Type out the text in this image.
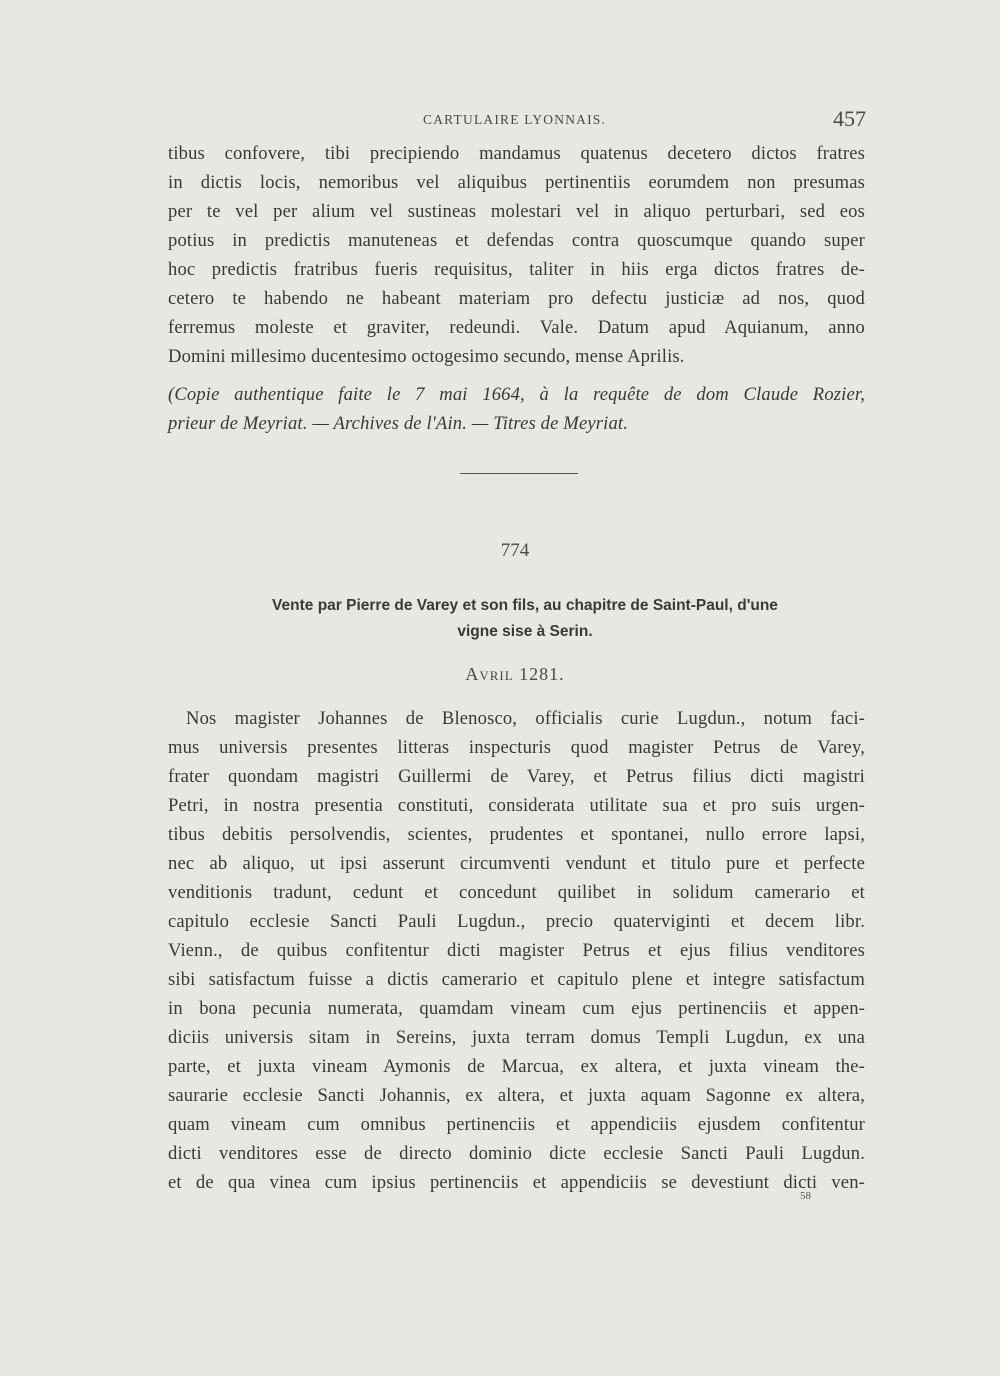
CARTULAIRE LYONNAIS.	457
tibus confovere, tibi precipiendo mandamus quatenus decetero dictos fratres
in dictis locis, nemoribus vel aliquibus pertinentiis eorumdem non presumas
per te vel per alium vel sustineas molestari vel in aliquo perturbari, sed eos
potius in predictis manuteneas et defendas contra quoscumque quando super
hoc predictis fratribus fueris requisitus, taliter in hiis erga dictos fratres de-
cetero te habendo ne habeant materiam pro defectu justiciæ ad nos, quod
ferremus moleste et graviter, redeundi. Vale. Datum apud Aquianum, anno
Domini millesimo ducentesimo octogesimo secundo, mense Aprilis.
(Copie authentique faite le 7 mai 1664, à la requête de dom Claude Rozier,
prieur de Meyriat. — Archives de l'Ain. — Titres de Meyriat.
774
Vente par Pierre de Varey et son fils, au chapitre de Saint-Paul, d'une
vigne sise à Serin.
Avril 1281.
Nos magister Johannes de Blenosco, officialis curie Lugdun., notum faci-
mus universis presentes litteras inspecturis quod magister Petrus de Varey,
frater quondam magistri Guillermi de Varey, et Petrus filius dicti magistri
Petri, in nostra presentia constituti, considerata utilitate sua et pro suis urgen-
tibus debitis persolvendis, scientes, prudentes et spontanei, nullo errore lapsi,
nec ab aliquo, ut ipsi asserunt circumventi vendunt et titulo pure et perfecte
venditionis tradunt, cedunt et concedunt quilibet in solidum camerario et
capitulo ecclesie Sancti Pauli Lugdun., precio quaterviginti et decem libr.
Vienn., de quibus confitentur dicti magister Petrus et ejus filius venditores
sibi satisfactum fuisse a dictis camerario et capitulo plene et integre satisfactum
in bona pecunia numerata, quamdam vineam cum ejus pertinenciis et appen-
diciis universis sitam in Sereins, juxta terram domus Templi Lugdun, ex una
parte, et juxta vineam Aymonis de Marcua, ex altera, et juxta vineam the-
saurarie ecclesie Sancti Johannis, ex altera, et juxta aquam Sagonne ex altera,
quam vineam cum omnibus pertinenciis et appendiciis ejusdem confitentur
dicti venditores esse de directo dominio dicte ecclesie Sancti Pauli Lugdun.
et de qua vinea cum ipsius pertinenciis et appendiciis se devestiunt dicti ven-
58
